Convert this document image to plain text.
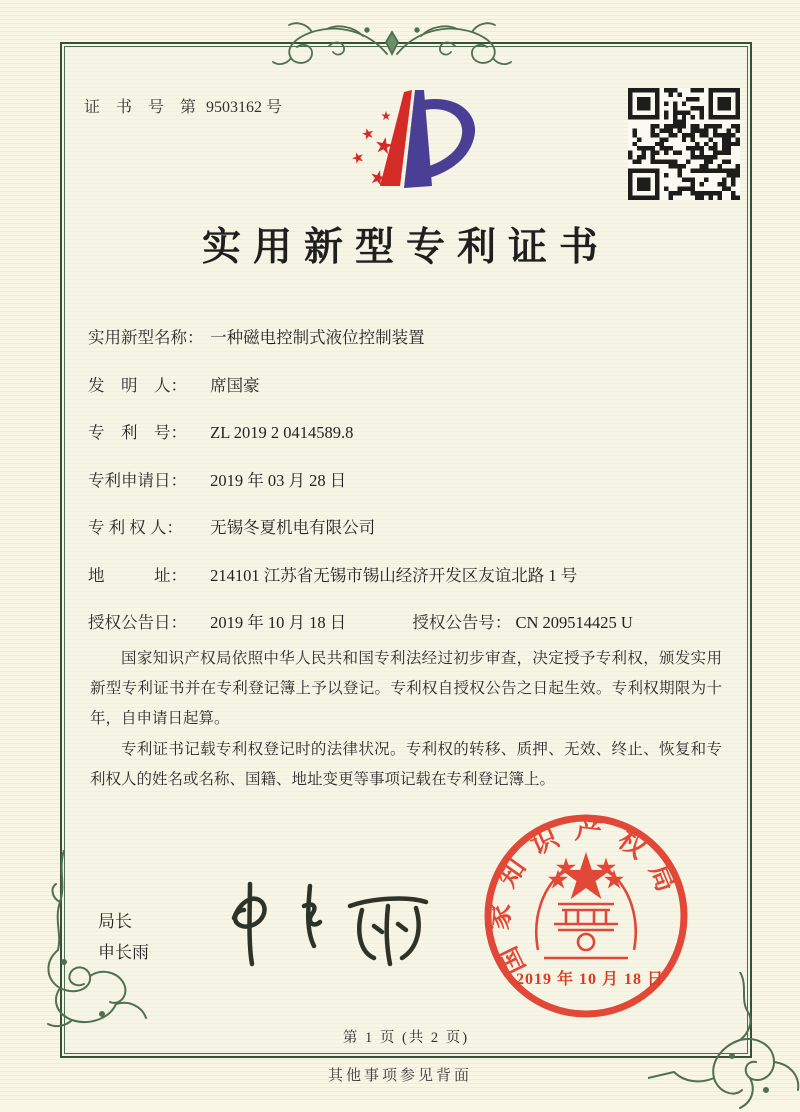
证 书 号 第 9503162 号
实用新型专利证书
实用新型名称： 一种磁电控制式液位控制装置
发　明　人： 席国豪
专　利　号： ZL 2019 2 0414589.8
专利申请日： 2019 年 03 月 28 日
专 利 权 人： 无锡冬夏机电有限公司
地　　　址： 214101 江苏省无锡市锡山经济开发区友谊北路 1 号
授权公告日： 2019 年 10 月 18 日	授权公告号： CN 209514425 U

国家知识产权局依照中华人民共和国专利法经过初步审查，决定授予专利权，颁发实用新型专利证书并在专利登记簿上予以登记。专利权自授权公告之日起生效。专利权期限为十年，自申请日起算。

专利证书记载专利权登记时的法律状况。专利权的转移、质押、无效、终止、恢复和专利权人的姓名或名称、国籍、地址变更等事项记载在专利登记簿上。

局长
申长雨	国家知识产权局
2019 年 10 月 18 日
第 1 页 (共 2 页)
其他事项参见背面
